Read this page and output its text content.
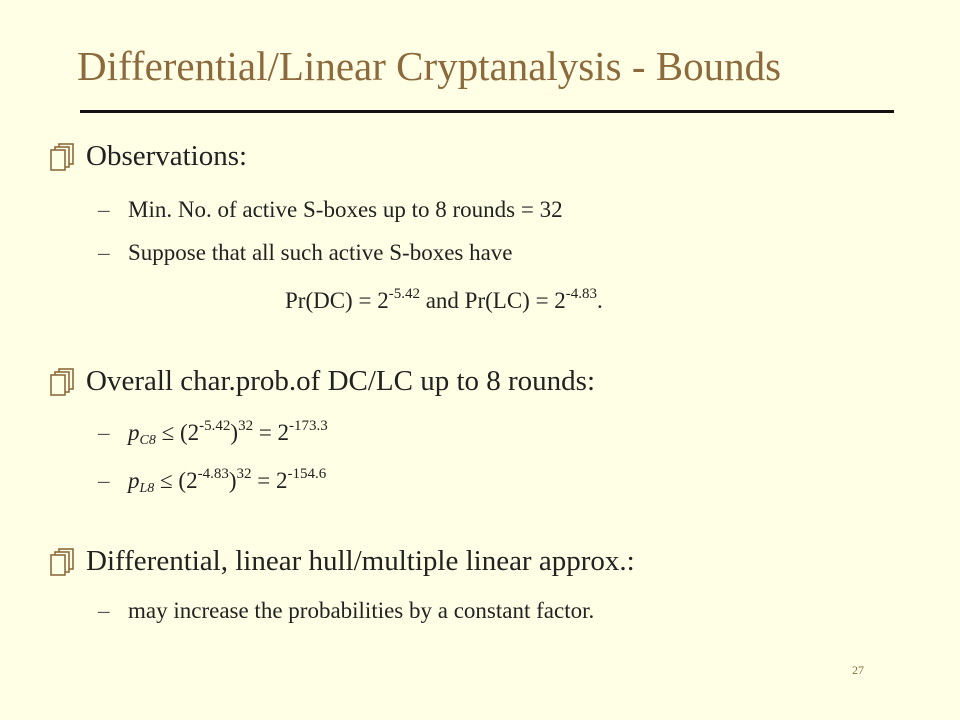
Differential/Linear Cryptanalysis - Bounds
Observations:
– Min. No. of active S-boxes up to 8 rounds = 32
– Suppose that all such active S-boxes have
$Pr(DC) = 2^{-5.42}$ and $Pr(LC) = 2^{-4.83}$.
Overall char.prob.of DC/LC up to 8 rounds:
– $p_{C8} \le (2^{-5.42})^{32} = 2^{-173.3}$
– $p_{L8} \le (2^{-4.83})^{32} = 2^{-154.6}$
Differential, linear hull/multiple linear approx.:
– may increase the probabilities by a constant factor.
27
